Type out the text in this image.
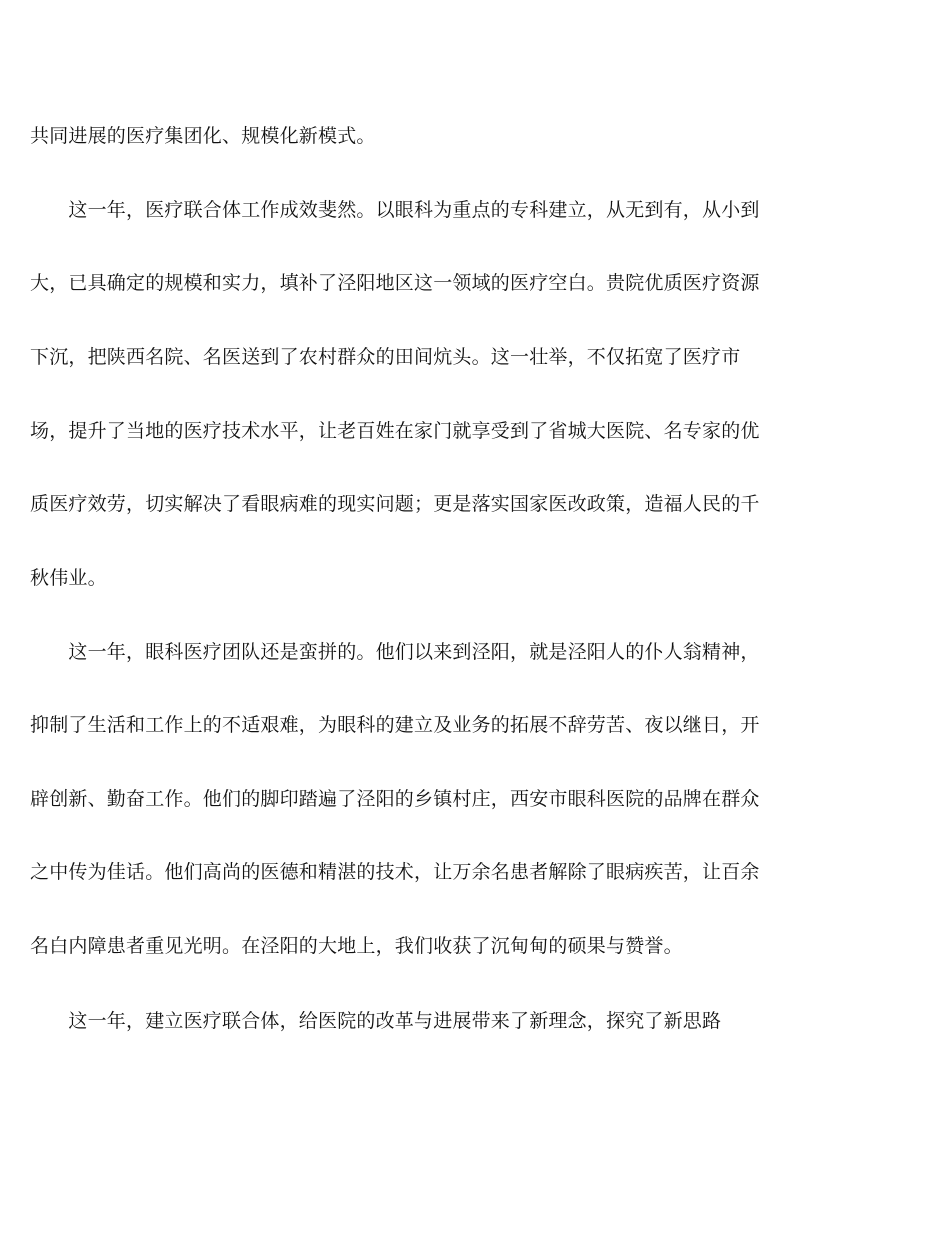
共同进展的医疗集团化、规模化新模式。
　　这一年，医疗联合体工作成效斐然。以眼科为重点的专科建立，从无到有，从小到
大，已具确定的规模和实力，填补了泾阳地区这一领域的医疗空白。贵院优质医疗资源
下沉，把陕西名院、名医送到了农村群众的田间炕头。这一壮举，不仅拓宽了医疗市
场，提升了当地的医疗技术水平，让老百姓在家门就享受到了省城大医院、名专家的优
质医疗效劳，切实解决了看眼病难的现实问题；更是落实国家医改政策，造福人民的千
秋伟业。
　　这一年，眼科医疗团队还是蛮拼的。他们以来到泾阳，就是泾阳人的仆人翁精神，
抑制了生活和工作上的不适艰难，为眼科的建立及业务的拓展不辞劳苦、夜以继日，开
辟创新、勤奋工作。他们的脚印踏遍了泾阳的乡镇村庄，西安市眼科医院的品牌在群众
之中传为佳话。他们高尚的医德和精湛的技术，让万余名患者解除了眼病疾苦，让百余
名白内障患者重见光明。在泾阳的大地上，我们收获了沉甸甸的硕果与赞誉。
　　这一年，建立医疗联合体，给医院的改革与进展带来了新理念，探究了新思路
